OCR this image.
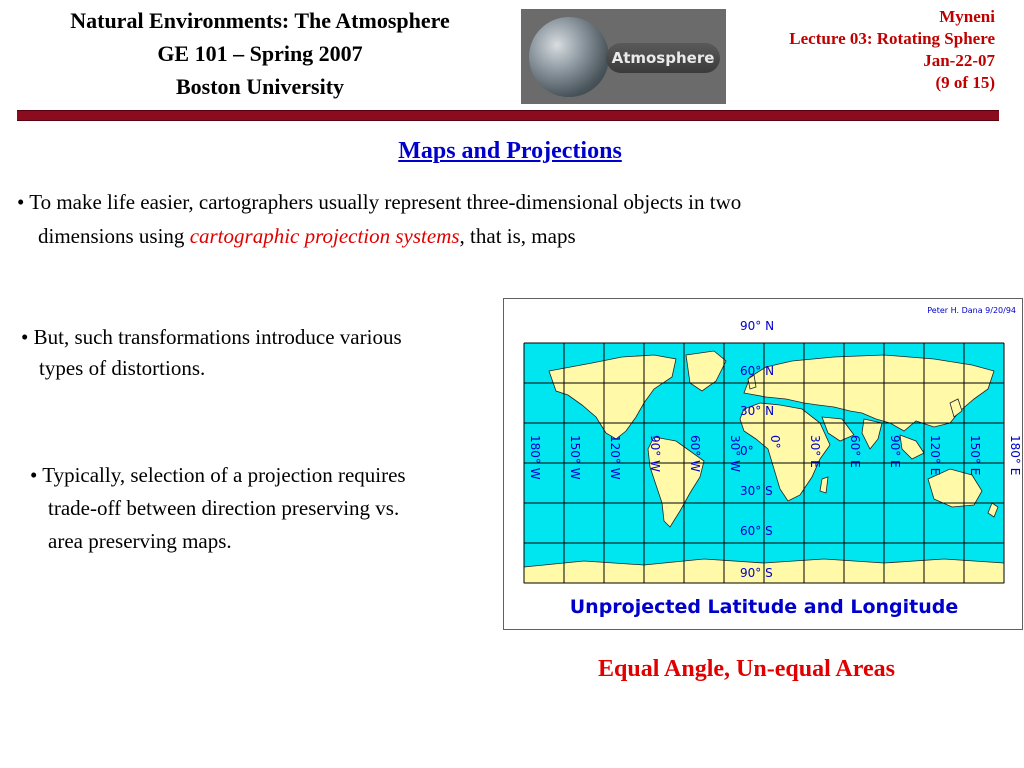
Natural Environments: The Atmosphere
GE 101 – Spring 2007
Boston University
Atmosphere
Myneni
Lecture 03: Rotating Sphere
Jan-22-07
(9 of 15)
Maps and Projections
• To make life easier, cartographers usually represent three-dimensional objects in two
dimensions using cartographic projection systems, that is, maps
• But, such transformations introduce various
types of distortions.
• Typically, selection of a projection requires
trade-off between direction preserving vs.
area preserving maps.
Peter H. Dana 9/20/94
90° N
60° N
30° N
0°
30° S
60° S
90° S
180° W 150° W 120° W 90° W 60° W 30° W 0° 30° E 60° E 90° E 120° E 150° E 180° E
Unprojected Latitude and Longitude
Equal Angle, Un-equal Areas
